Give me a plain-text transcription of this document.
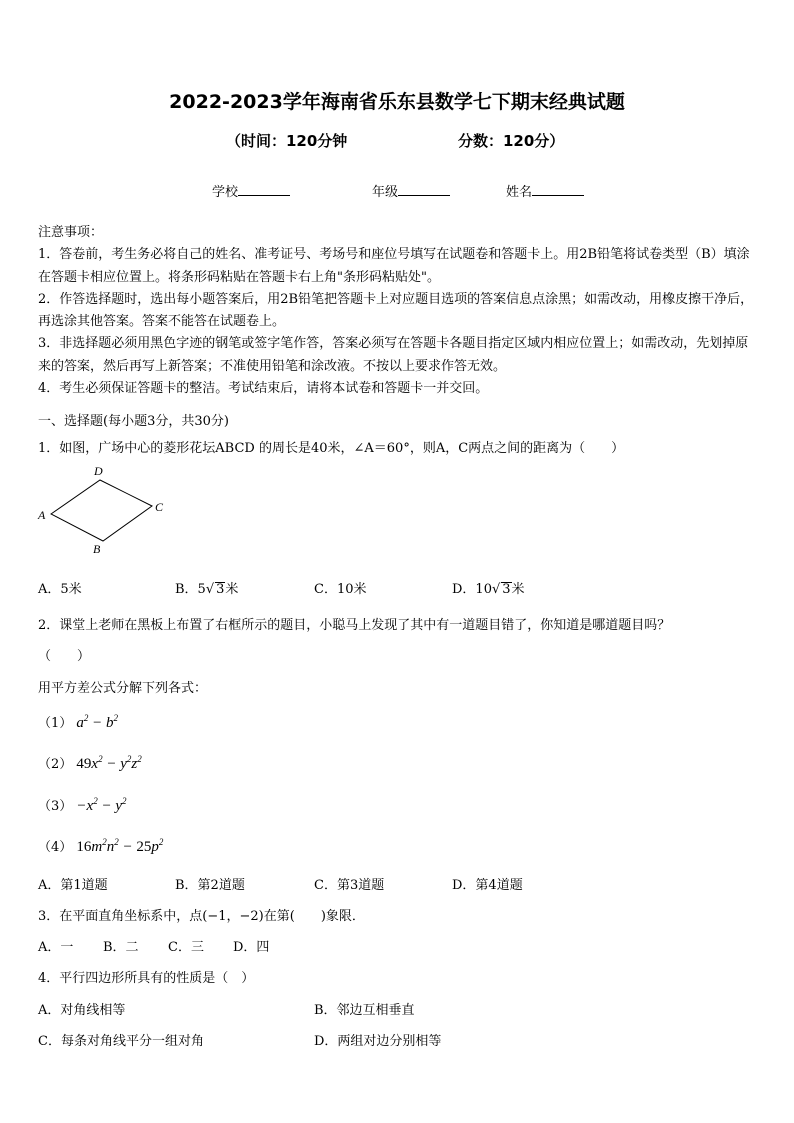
2022-2023学年海南省乐东县数学七下期末经典试题
（时间：120分钟	分数：120分）
学校	年级	姓名
注意事项：
1．答卷前，考生务必将自己的姓名、准考证号、考场号和座位号填写在试题卷和答题卡上。用2B铅笔将试卷类型（B）填涂在答题卡相应位置上。将条形码粘贴在答题卡右上角"条形码粘贴处"。
2．作答选择题时，选出每小题答案后，用2B铅笔把答题卡上对应题目选项的答案信息点涂黑；如需改动，用橡皮擦干净后，再选涂其他答案。答案不能答在试题卷上。
3．非选择题必须用黑色字迹的钢笔或签字笔作答，答案必须写在答题卡各题目指定区域内相应位置上；如需改动，先划掉原来的答案，然后再写上新答案；不准使用铅笔和涂改液。不按以上要求作答无效。
4．考生必须保证答题卡的整洁。考试结束后，请将本试卷和答题卡一并交回。
一、选择题(每小题3分，共30分)
1．如图，广场中心的菱形花坛ABCD 的周长是40米，∠A＝60°，则A，C两点之间的距离为（　　）
A
D
C
B
A．5米	B．5√ 3米	C．10米	D．10√ 3米
2．课堂上老师在黑板上布置了右框所示的题目，小聪马上发现了其中有一道题目错了，你知道是哪道题目吗？
（　　）
用平方差公式分解下列各式：
（1） $a^2 - b^2$
（2） $49x^2 - y^2z^2$
$(3) -x^2 - y^2$
（4） $16m^2n^2 - 25p^2$
A．第1道题	B．第2道题	C．第3道题	D．第4道题
3．在平面直角坐标系中，点(−1，−2)在第(　　)象限．
A．一 B．二 C．三 D．四
4．平行四边形所具有的性质是（　）
A．对角线相等	B．邻边互相垂直
C．每条对角线平分一组对角	D．两组对边分别相等
